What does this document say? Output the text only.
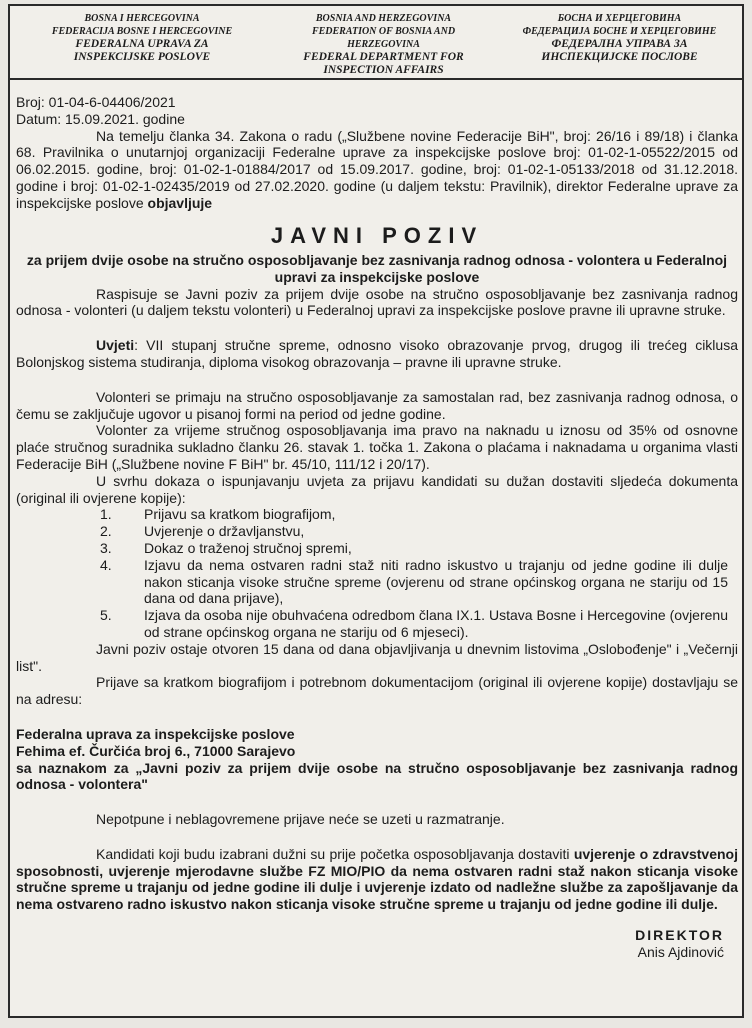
BOSNA I HERCEGOVINA
FEDERACIJA BOSNE I HERCEGOVINE
FEDERALNA UPRAVA ZA
INSPEKCIJSKE POSLOVE
BOSNIA AND HERZEGOVINA
FEDERATION OF BOSNIA AND HERZEGOVINA
FEDERAL DEPARTMENT FOR
INSPECTION AFFAIRS
БОСНА И ХЕРЦЕГОВИНА
ФЕДЕРАЦИЈА БОСНЕ И ХЕРЦЕГОВИНЕ
ФЕДЕРАЛНА УПРАВА ЗА
ИНСПЕКЦИЈСКЕ ПОСЛОВЕ

Broj: 01-04-6-04406/2021

Datum: 15.09.2021. godine

Na temelju članka 34. Zakona o radu („Službene novine Federacije BiH", broj: 26/16 i 89/18) i članka 68. Pravilnika o unutarnjoj organizaciji Federalne uprave za inspekcijske poslove broj: 01-02-1-05522/2015 od 06.02.2015. godine, broj: 01-02-1-01884/2017 od 15.09.2017. godine, broj: 01-02-1-05133/2018 od 31.12.2018. godine i broj: 01-02-1-02435/2019 od 27.02.2020. godine (u daljem tekstu: Pravilnik), direktor Federalne uprave za inspekcijske poslove objavljuje

JAVNI POZIV
za prijem dvije osobe na stručno osposobljavanje bez zasnivanja radnog odnosa - volontera u Federalnoj upravi za inspekcijske poslove

Raspisuje se Javni poziv za prijem dvije osobe na stručno osposobljavanje bez zasnivanja radnog odnosa - volonteri (u daljem tekstu volonteri) u Federalnoj upravi za inspekcijske poslove pravne ili upravne struke.

Uvjeti: VII stupanj stručne spreme, odnosno visoko obrazovanje prvog, drugog ili trećeg ciklusa Bolonjskog sistema studiranja, diploma visokog obrazovanja – pravne ili upravne struke.

Volonteri se primaju na stručno osposobljavanje za samostalan rad, bez zasnivanja radnog odnosa, o čemu se zaključuje ugovor u pisanoj formi na period od jedne godine.

Volonter za vrijeme stručnog osposobljavanja ima pravo na naknadu u iznosu od 35% od osnovne plaće stručnog suradnika sukladno članku 26. stavak 1. točka 1. Zakona o plaćama i naknadama u organima vlasti Federacije BiH („Službene novine F BiH" br. 45/10, 111/12 i 20/17).

U svrhu dokaza o ispunjavanju uvjeta za prijavu kandidati su dužan dostaviti sljedeća dokumenta (original ili ovjerene kopije):

1.	Prijavu sa kratkom biografijom,
2.	Uvjerenje o državljanstvu,
3.	Dokaz o traženoj stručnoj spremi,
4.	Izjavu da nema ostvaren radni staž niti radno iskustvo u trajanju od jedne godine ili dulje nakon sticanja visoke stručne spreme (ovjerenu od strane općinskog organa ne stariju od 15 dana od dana prijave),
5.	Izjava da osoba nije obuhvaćena odredbom člana IX.1. Ustava Bosne i Hercegovine (ovjerenu od strane općinskog organa ne stariju od 6 mjeseci).

Javni poziv ostaje otvoren 15 dana od dana objavljivanja u dnevnim listovima „Oslobođenje" i „Večernji list".

Prijave sa kratkom biografijom i potrebnom dokumentacijom (original ili ovjerene kopije) dostavljaju se na adresu:

Federalna uprava za inspekcijske poslove

Fehima ef. Čurčića broj 6., 71000 Sarajevo

sa naznakom za „Javni poziv za prijem dvije osobe na stručno osposobljavanje bez zasnivanja radnog odnosa - volontera"

Nepotpune i neblagovremene prijave neće se uzeti u razmatranje.

Kandidati koji budu izabrani dužni su prije početka osposobljavanja dostaviti uvjerenje o zdravstvenoj sposobnosti, uvjerenje mjerodavne službe FZ MIO/PIO da nema ostvaren radni staž nakon sticanja visoke stručne spreme u trajanju od jedne godine ili dulje i uvjerenje izdato od nadležne službe za zapošljavanje da nema ostvareno radno iskustvo nakon sticanja visoke stručne spreme u trajanju od jedne godine ili dulje.

DIREKTOR
Anis Ajdinović
